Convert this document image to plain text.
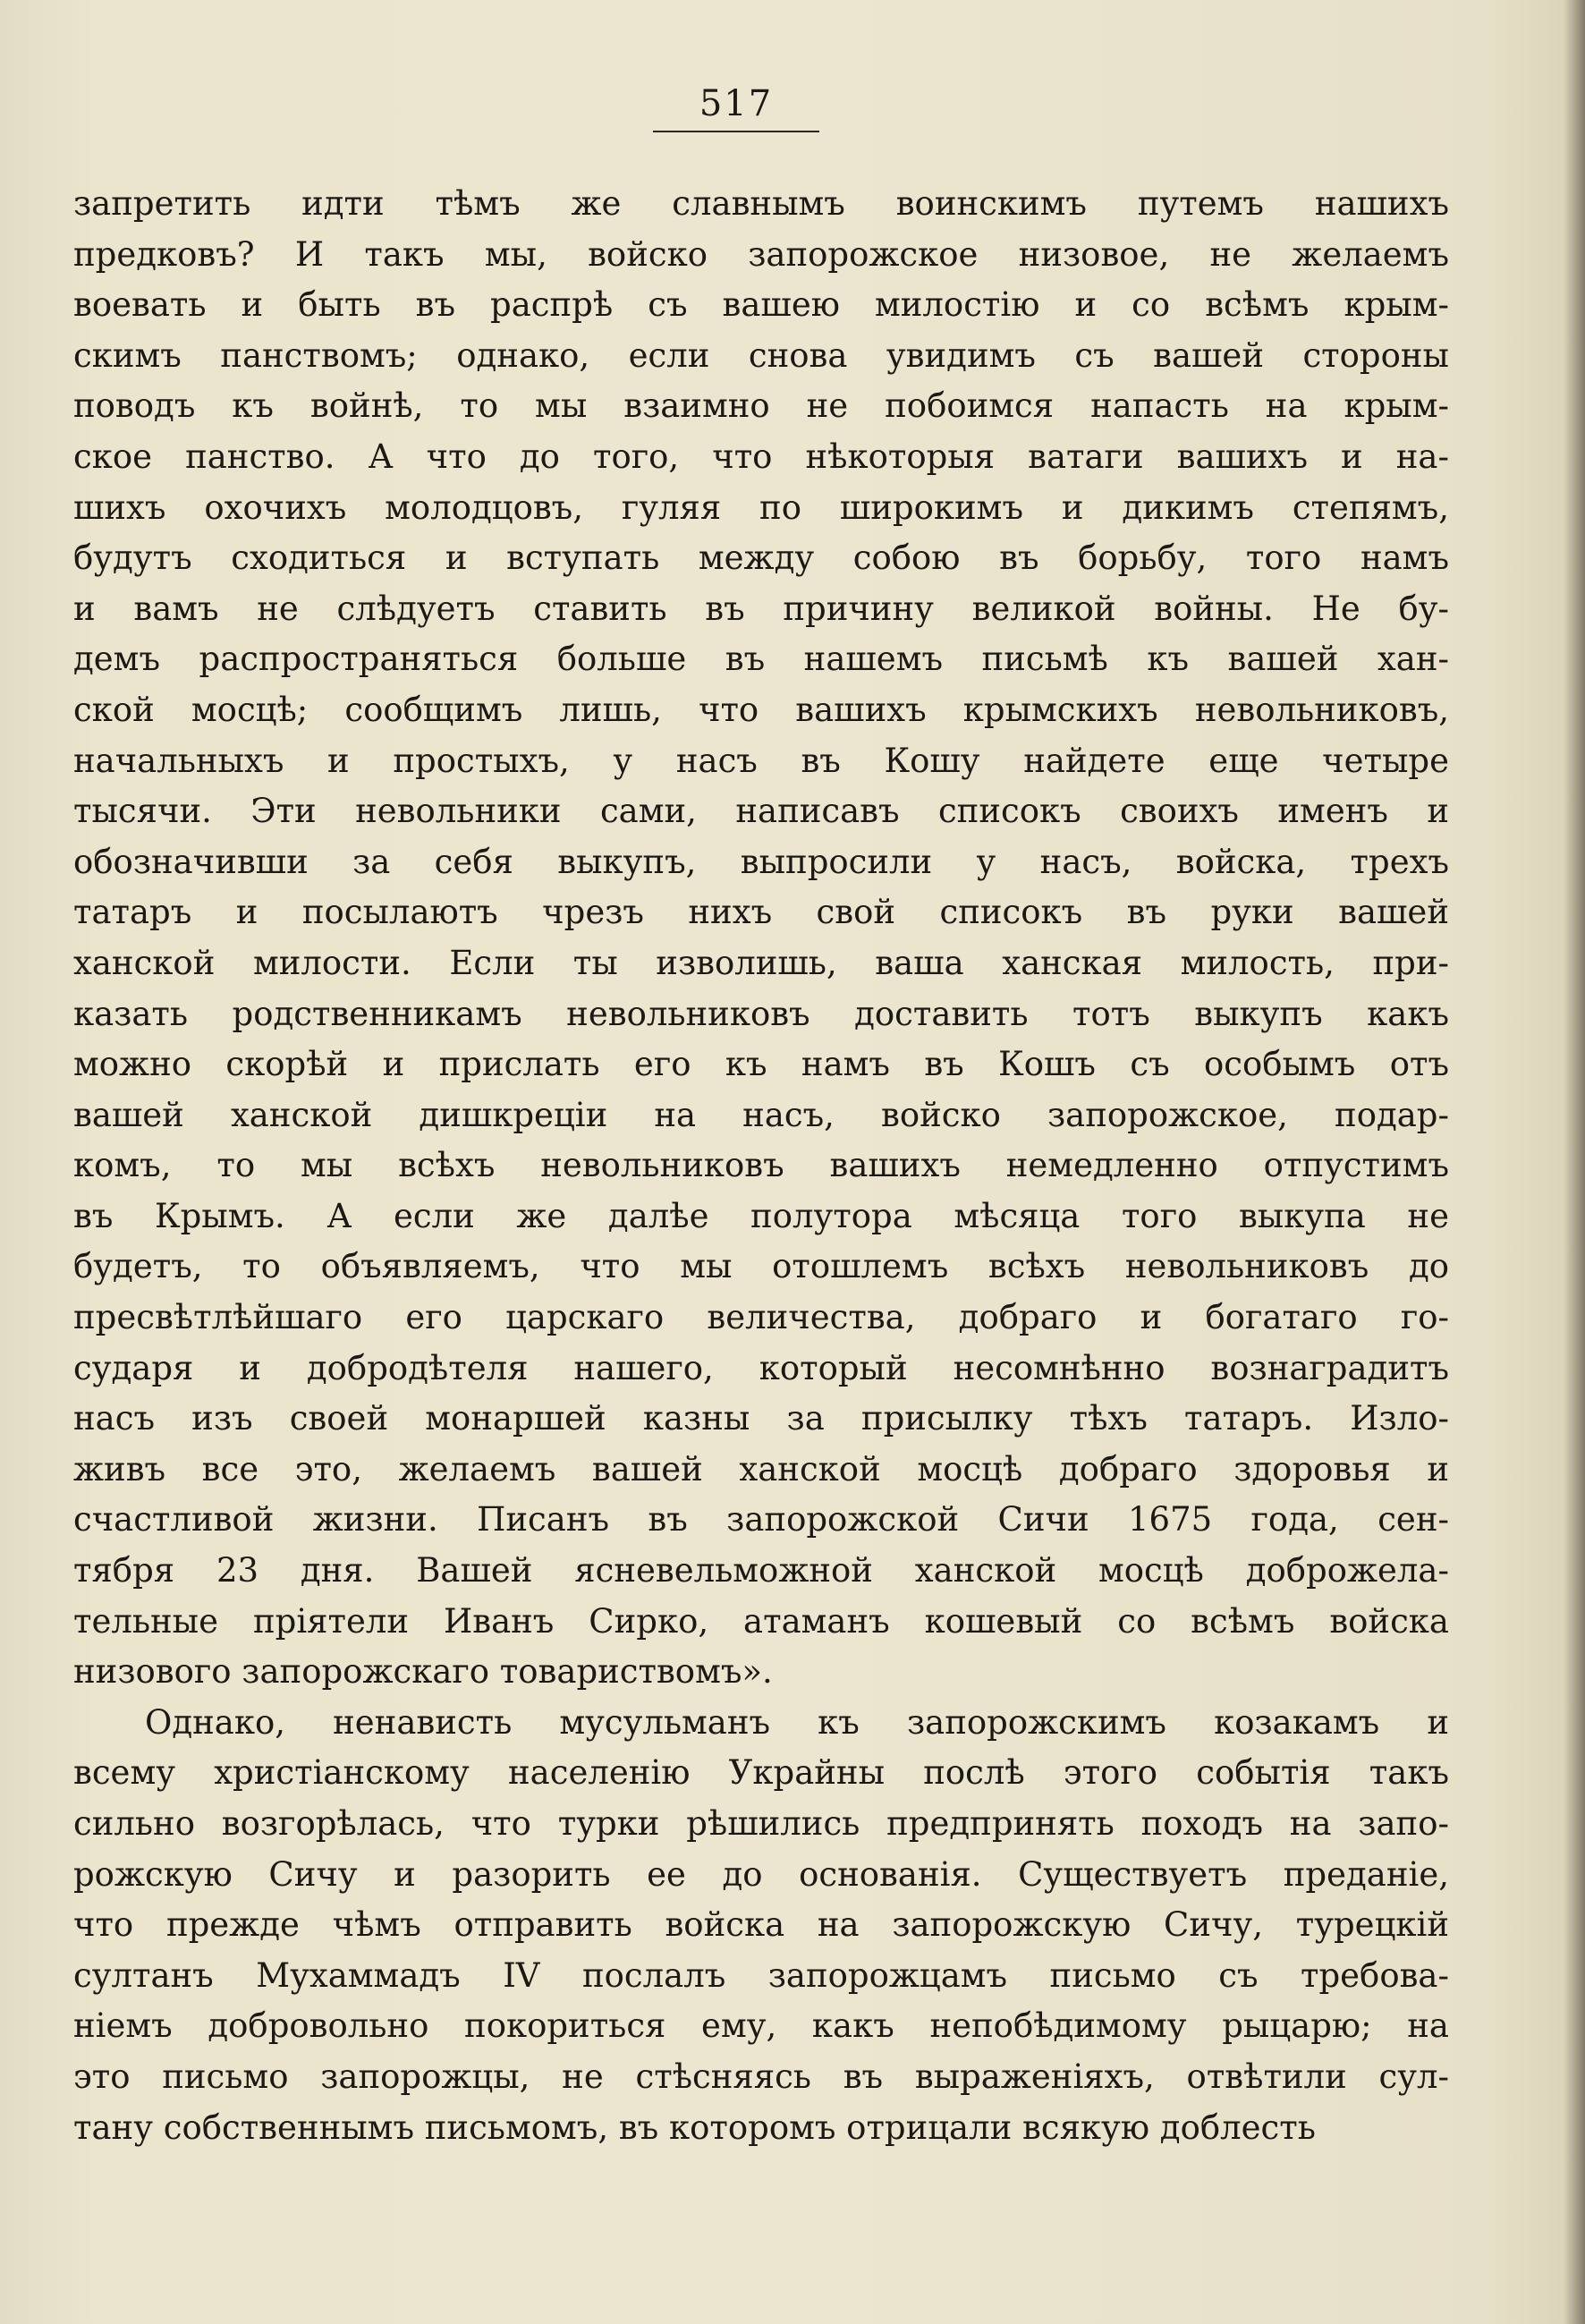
517
запретить идти тѣмъ же славнымъ воинскимъ путемъ нашихъ
предковъ? И такъ мы, войско запорожское низовое, не желаемъ
воевать и быть въ распрѣ съ вашею милостію и со всѣмъ крым-
скимъ панствомъ; однако, если снова увидимъ съ вашей стороны
поводъ къ войнѣ, то мы взаимно не побоимся напасть на крым-
ское панство. А что до того, что нѣкоторыя ватаги вашихъ и на-
шихъ охочихъ молодцовъ, гуляя по широкимъ и дикимъ степямъ,
будутъ сходиться и вступать между собою въ борьбу, того намъ
и вамъ не слѣдуетъ ставить въ причину великой войны. Не бу-
демъ распространяться больше въ нашемъ письмѣ къ вашей хан-
ской мосцѣ; сообщимъ лишь, что вашихъ крымскихъ невольниковъ,
начальныхъ и простыхъ, у насъ въ Кошу найдете еще четыре
тысячи. Эти невольники сами, написавъ списокъ своихъ именъ и
обозначивши за себя выкупъ, выпросили у насъ, войска, трехъ
татаръ и посылаютъ чрезъ нихъ свой списокъ въ руки вашей
ханской милости. Если ты изволишь, ваша ханская милость, при-
казать родственникамъ невольниковъ доставить тотъ выкупъ какъ
можно скорѣй и прислать его къ намъ въ Кошъ съ особымъ отъ
вашей ханской дишкреціи на насъ, войско запорожское, подар-
комъ, то мы всѣхъ невольниковъ вашихъ немедленно отпустимъ
въ Крымъ. А если же далѣе полутора мѣсяца того выкупа не
будетъ, то объявляемъ, что мы отошлемъ всѣхъ невольниковъ до
пресвѣтлѣйшаго его царскаго величества, добраго и богатаго го-
сударя и добродѣтеля нашего, который несомнѣнно вознаградитъ
насъ изъ своей монаршей казны за присылку тѣхъ татаръ. Изло-
живъ все это, желаемъ вашей ханской мосцѣ добраго здоровья и
счастливой жизни. Писанъ въ запорожской Сичи 1675 года, сен-
тября 23 дня. Вашей ясневельможной ханской мосцѣ доброжела-
тельные пріятели Иванъ Сирко, атаманъ кошевый со всѣмъ войска
низового запорожскаго товариствомъ».
Однако, ненависть мусульманъ къ запорожскимъ козакамъ и
всему христіанскому населенію Украйны послѣ этого событія такъ
сильно возгорѣлась, что турки рѣшились предпринять походъ на запо-
рожскую Сичу и разорить ее до основанія. Существуетъ преданіе,
что прежде чѣмъ отправить войска на запорожскую Сичу, турецкій
султанъ Мухаммадъ IV послалъ запорожцамъ письмо съ требова-
ніемъ добровольно покориться ему, какъ непобѣдимому рыцарю; на
это письмо запорожцы, не стѣсняясь въ выраженіяхъ, отвѣтили сул-
тану собственнымъ письмомъ, въ которомъ отрицали всякую доблесть
